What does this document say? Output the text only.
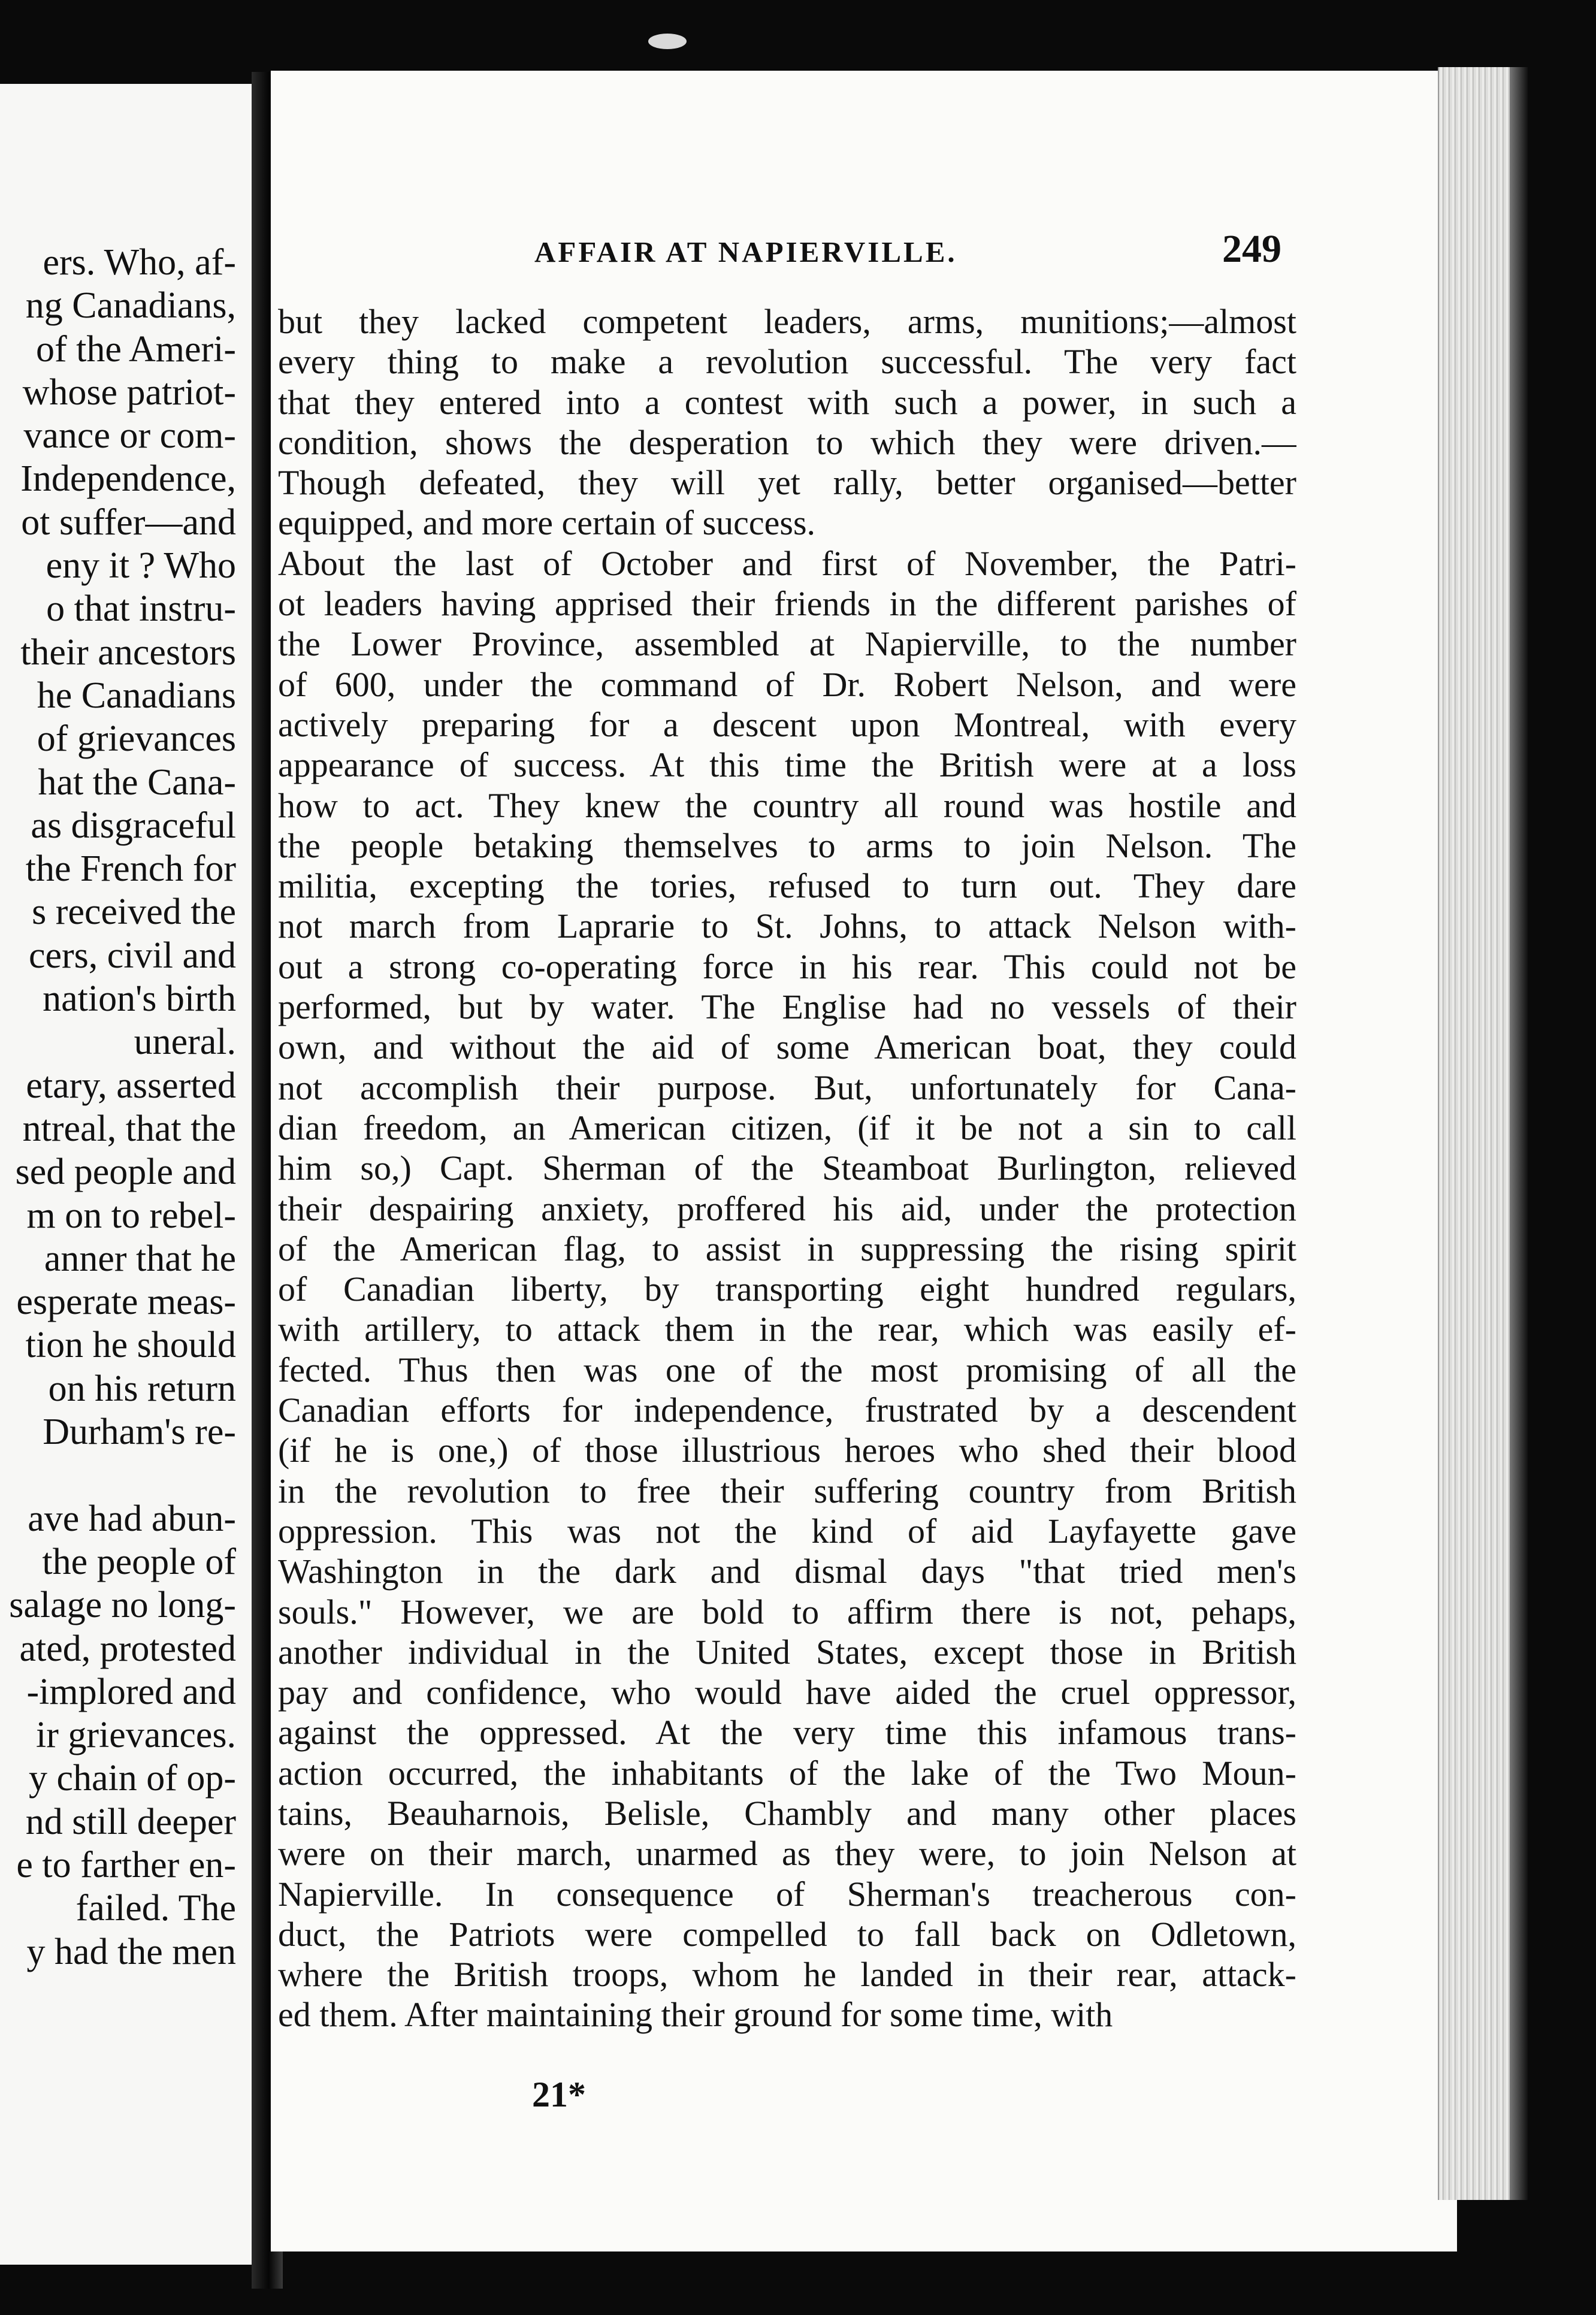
ers. Who, af-
ng Canadians,
of the Ameri-
whose patriot-
vance or com-
Independence,
ot suffer—and
eny it ? Who
o that instru-
their ancestors
he Canadians
of grievances
hat the Cana-
as disgraceful
the French for
s received the
cers, civil and
nation's birth
uneral.
etary, asserted
ntreal, that the
sed people and
m on to rebel-
anner that he
esperate meas-
tion he should
on his return
Durham's re-
ave had abun-
the people of
salage no long-
ated, protested
-implored and
ir grievances.
y chain of op-
nd still deeper
e to farther en-
failed. The
y had the men
AFFAIR AT NAPIERVILLE.	249
but they lacked competent leaders, arms, munitions;—almost
every thing to make a revolution successful. The very fact
that they entered into a contest with such a power, in such a
condition, shows the desperation to which they were driven.—
Though defeated, they will yet rally, better organised—better
equipped, and more certain of success.
About the last of October and first of November, the Patri-
ot leaders having apprised their friends in the different parishes of
the Lower Province, assembled at Napierville, to the number
of 600, under the command of Dr. Robert Nelson, and were
actively preparing for a descent upon Montreal, with every
appearance of success. At this time the British were at a loss
how to act. They knew the country all round was hostile and
the people betaking themselves to arms to join Nelson. The
militia, excepting the tories, refused to turn out. They dare
not march from Laprarie to St. Johns, to attack Nelson with-
out a strong co-operating force in his rear. This could not be
performed, but by water. The Englise had no vessels of their
own, and without the aid of some American boat, they could
not accomplish their purpose. But, unfortunately for Cana-
dian freedom, an American citizen, (if it be not a sin to call
him so,) Capt. Sherman of the Steamboat Burlington, relieved
their despairing anxiety, proffered his aid, under the protection
of the American flag, to assist in suppressing the rising spirit
of Canadian liberty, by transporting eight hundred regulars,
with artillery, to attack them in the rear, which was easily ef-
fected. Thus then was one of the most promising of all the
Canadian efforts for independence, frustrated by a descendent
(if he is one,) of those illustrious heroes who shed their blood
in the revolution to free their suffering country from British
oppression. This was not the kind of aid Layfayette gave
Washington in the dark and dismal days "that tried men's
souls." However, we are bold to affirm there is not, pehaps,
another individual in the United States, except those in British
pay and confidence, who would have aided the cruel oppressor,
against the oppressed. At the very time this infamous trans-
action occurred, the inhabitants of the lake of the Two Moun-
tains, Beauharnois, Belisle, Chambly and many other places
were on their march, unarmed as they were, to join Nelson at
Napierville. In consequence of Sherman's treacherous con-
duct, the Patriots were compelled to fall back on Odletown,
where the British troops, whom he landed in their rear, attack-
ed them. After maintaining their ground for some time, with
21*
